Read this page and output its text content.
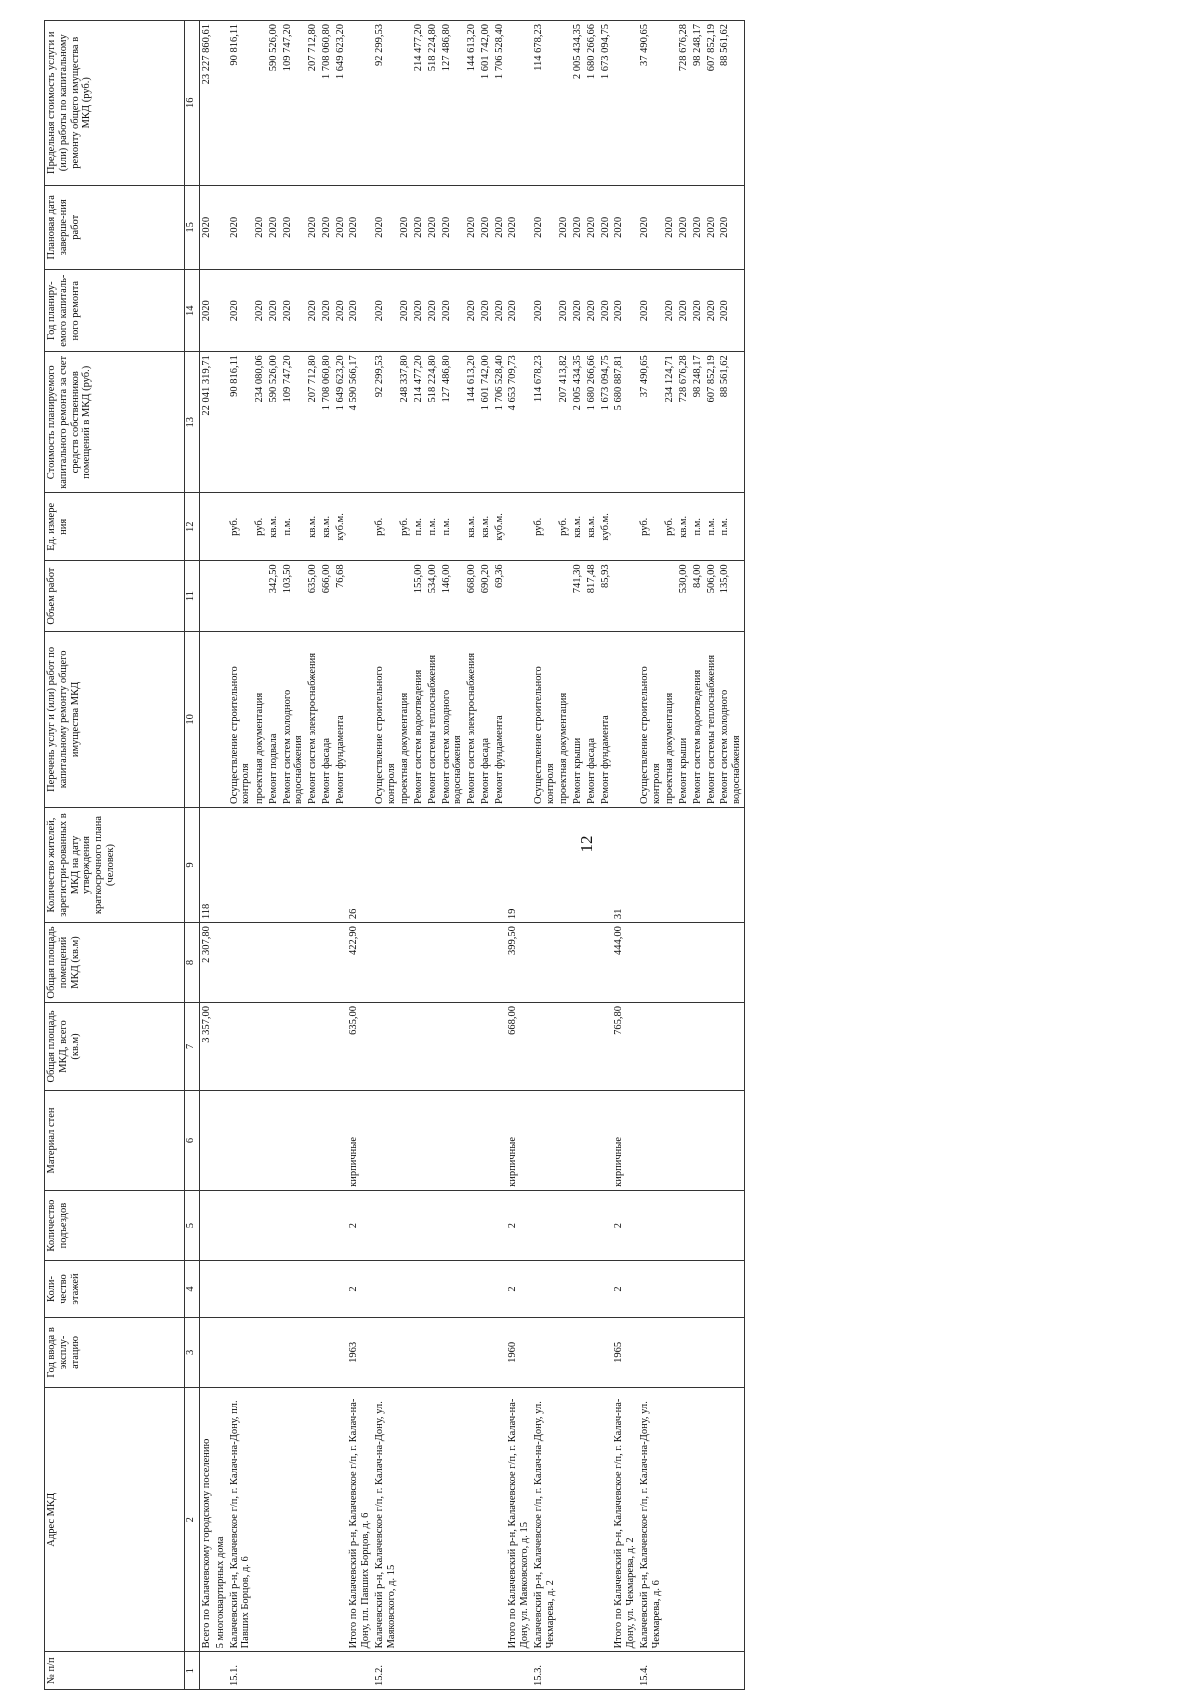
12
№ п/п	Адрес МКД	Год ввода в эксплу-атацию	Коли-чество этажей	Количество подъездов	Материал стен	Общая площадь МКД, всего (кв.м)	Общая площадь помещений МКД (кв.м)	Количество жителей, зарегистри-рованных в МКД на дату утверждения краткосрочного плана (человек)	Перечень услуг и (или) работ по капитальному ремонту общего имущества МКД	Объем работ	Ед. измере ния	Стоимость планируемого капитального ремонта за счет средств собственников помещений в МКД (руб.)	Год планиру-емого капиталь-ного ремонта	Плановая дата заверше-ния работ	Предельная стоимость услуги и (или) работы по капитальному ремонту общего имущества в МКД (руб.)
1	2	3	4	5	6	7	8	9	10	11	12	13	14	15	16
	Всего по Калачевскому городскому поселению					3 357,00	2 307,80	118				22 041 319,71	2020	2020	23 227 860,61
	5 многоквартирных дома														
15.1.	Калачевский р-н, Калачевское г/п, г. Калач-на-Дону, пл. Павших Борцов, д. 6								Осуществление строительного контроля		руб.	90 816,11	2020	2020	90 816,11
									проектная документация		руб.	234 080,06	2020	2020	
									Ремонт подвала	342,50	кв.м.	590 526,00	2020	2020	590 526,00
									Ремонт систем холодного водоснабжения	103,50	п.м.	109 747,20	2020	2020	109 747,20
									Ремонт систем электроснабжения	635,00	кв.м.	207 712,80	2020	2020	207 712,80
									Ремонт фасада	666,00	кв.м.	1 708 060,80	2020	2020	1 708 060,80
									Ремонт фундамента	76,68	куб.м.	1 649 623,20	2020	2020	1 649 623,20
	Итого по Калачевский р-н, Калачевское г/п, г. Калач-на-Дону, пл. Павших Борцов, д. 6	1963	2	2	кирпичные	635,00	422,90	26				4 590 566,17	2020	2020	
15.2.	Калачевский р-н, Калачевское г/п, г. Калач-на-Дону, ул. Маяковского, д. 15								Осуществление строительного контроля		руб.	92 299,53	2020	2020	92 299,53
									проектная документация		руб.	248 337,80	2020	2020	
									Ремонт систем водоотведения	155,00	п.м.	214 477,20	2020	2020	214 477,20
									Ремонт системы теплоснабжения	534,00	п.м.	518 224,80	2020	2020	518 224,80
									Ремонт систем холодного водоснабжения	146,00	п.м.	127 486,80	2020	2020	127 486,80
									Ремонт систем электроснабжения	668,00	кв.м.	144 613,20	2020	2020	144 613,20
									Ремонт фасада	690,20	кв.м.	1 601 742,00	2020	2020	1 601 742,00
									Ремонт фундамента	69,36	куб.м.	1 706 528,40	2020	2020	1 706 528,40
	Итого по Калачевский р-н, Калачевское г/п, г. Калач-на-Дону, ул. Маяковского, д. 15	1960	2	2	кирпичные	668,00	399,50	19				4 653 709,73	2020	2020	
15.3.	Калачевский р-н, Калачевское г/п, г. Калач-на-Дону, ул. Чекмарева, д. 2								Осуществление строительного контроля		руб.	114 678,23	2020	2020	114 678,23
									проектная документация		руб.	207 413,82	2020	2020	
									Ремонт крыши	741,30	кв.м.	2 005 434,35	2020	2020	2 005 434,35
									Ремонт фасада	817,48	кв.м.	1 680 266,66	2020	2020	1 680 266,66
									Ремонт фундамента	85,93	куб.м.	1 673 094,75	2020	2020	1 673 094,75
	Итого по Калачевский р-н, Калачевское г/п, г. Калач-на-Дону, ул. Чекмарева, д. 2	1965	2	2	кирпичные	765,80	444,00	31				5 680 887,81	2020	2020	
15.4.	Калачевский р-н, Калачевское г/п, г. Калач-на-Дону, ул. Чекмарева, д. 6								Осуществление строительного контроля		руб.	37 490,65	2020	2020	37 490,65
									проектная документация		руб.	234 124,71	2020	2020	
									Ремонт крыши	530,00	кв.м.	728 676,28	2020	2020	728 676,28
									Ремонт систем водоотведения	84,00	п.м.	98 248,17	2020	2020	98 248,17
									Ремонт системы теплоснабжения	506,00	п.м.	607 852,19	2020	2020	607 852,19
									Ремонт систем холодного водоснабжения	135,00	п.м.	88 561,62	2020	2020	88 561,62
